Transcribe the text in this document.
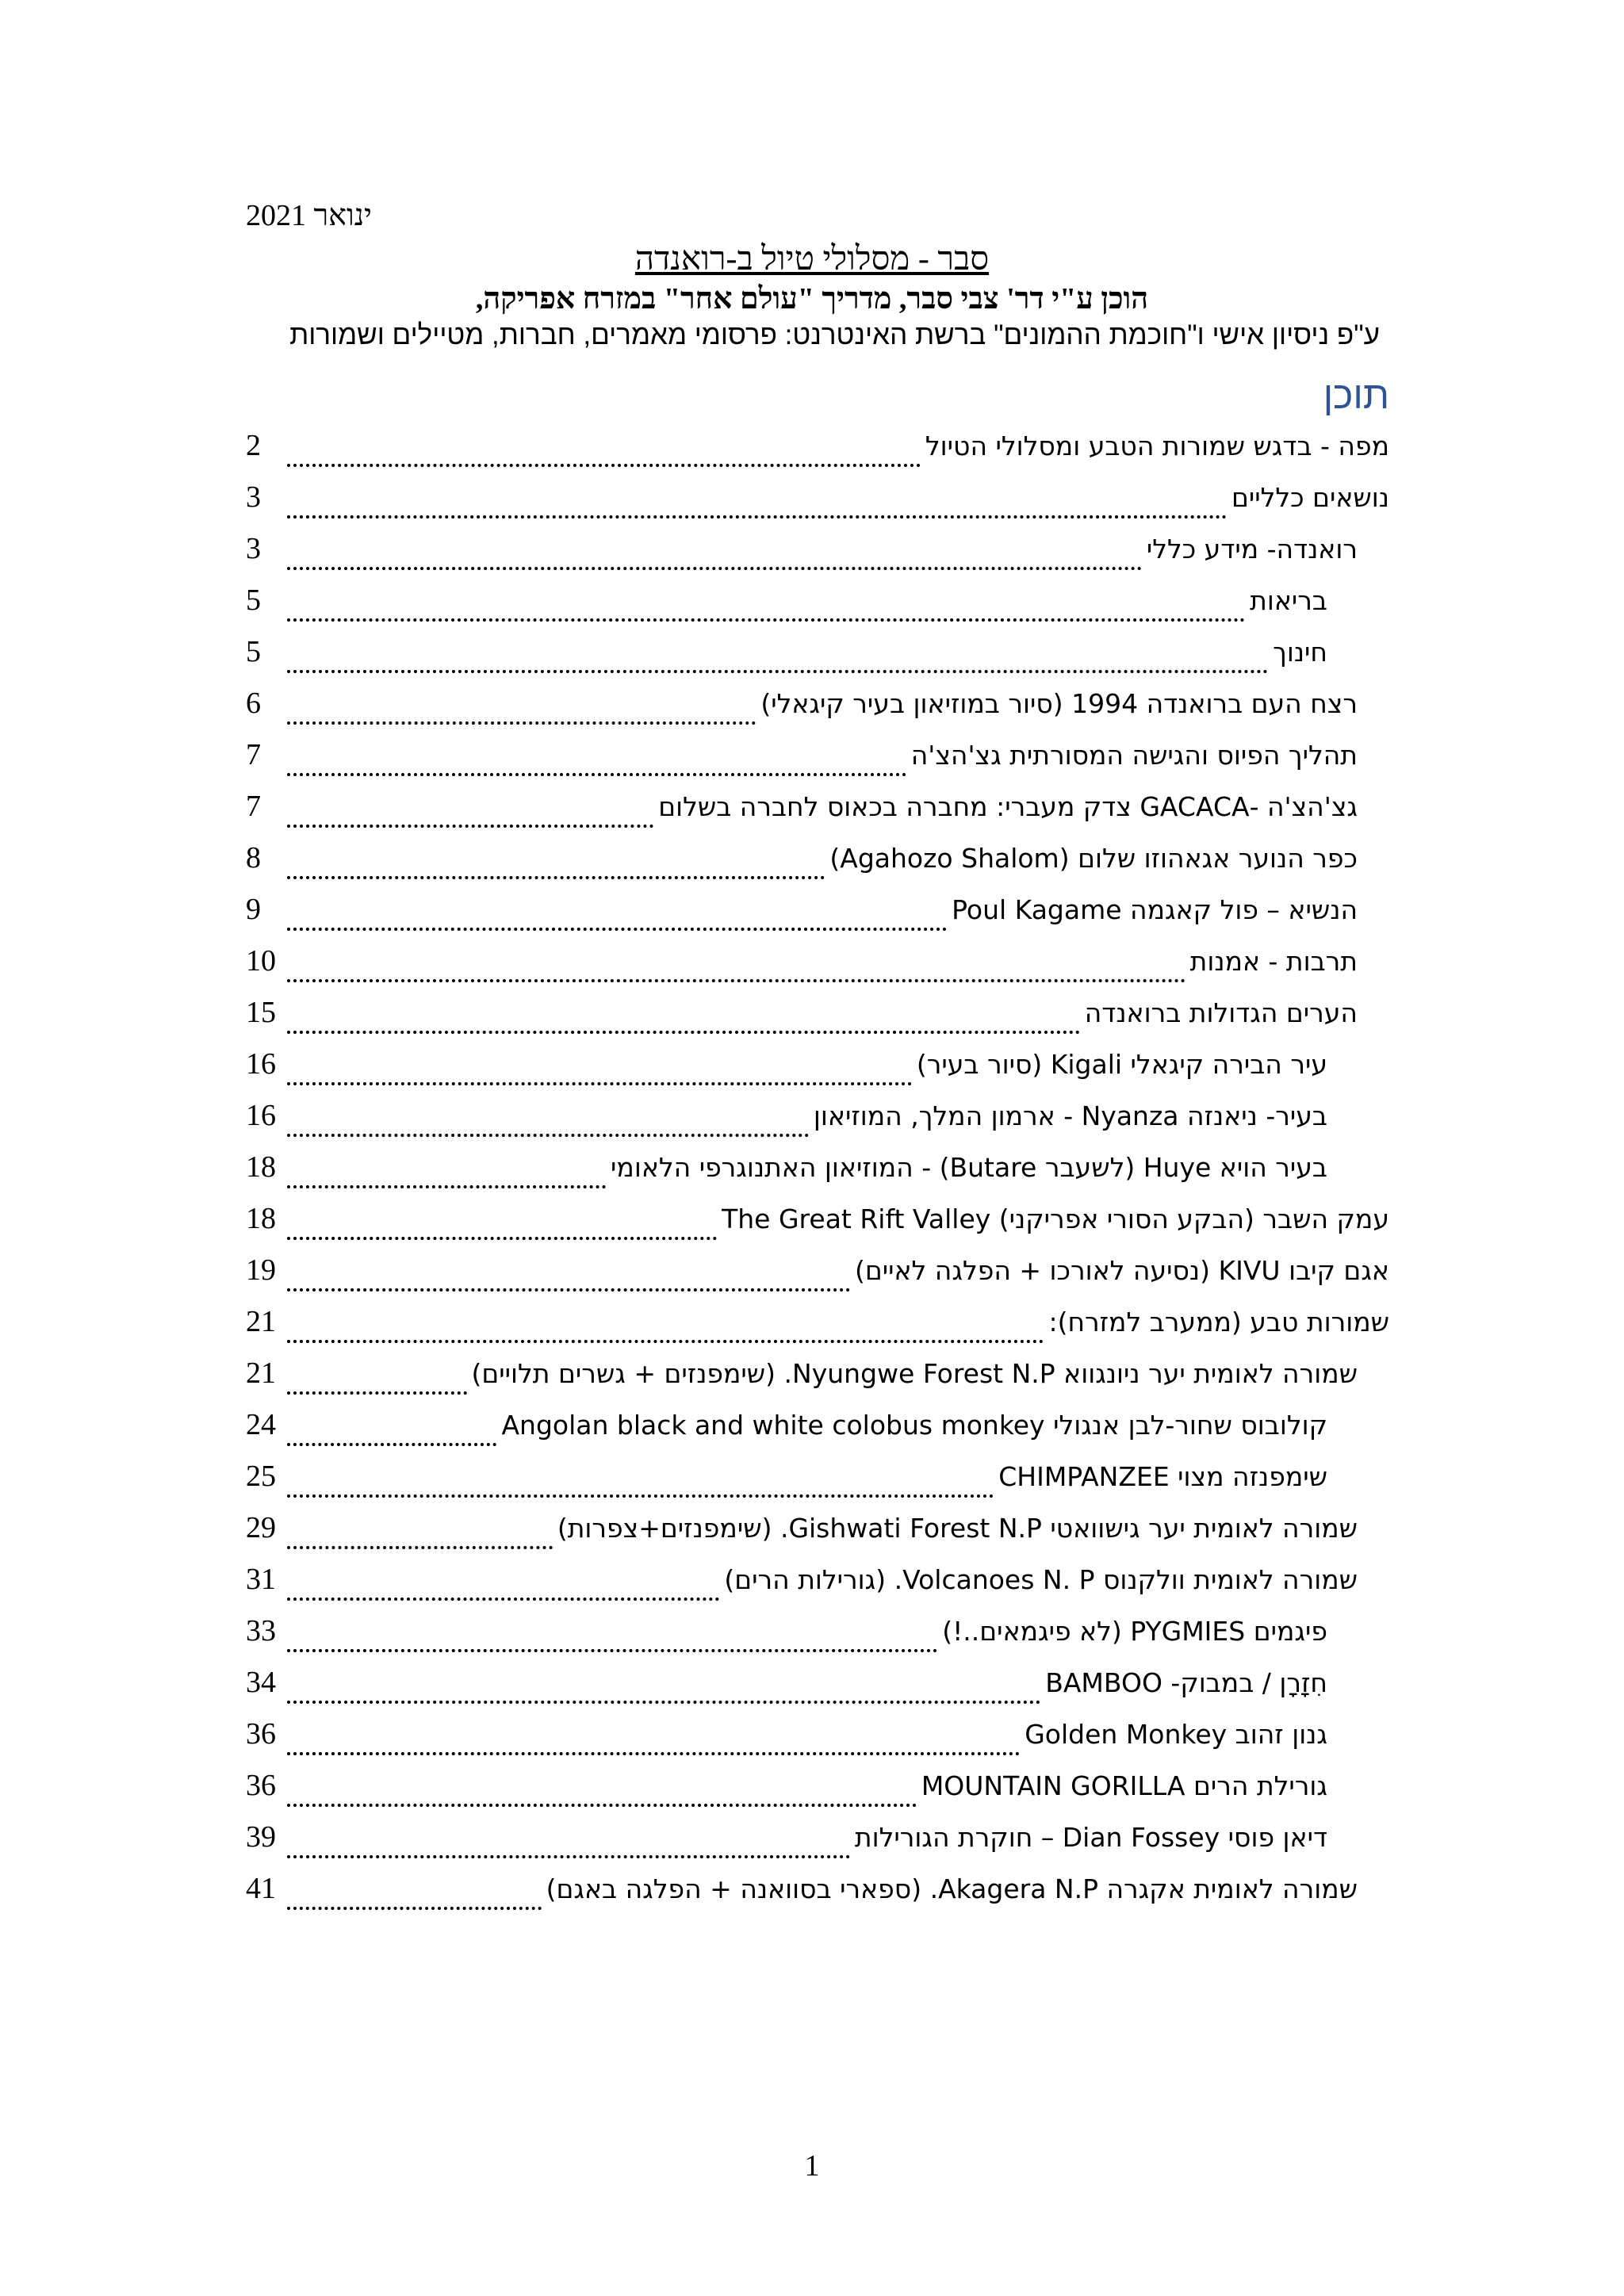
ינואר 2021
סבר - מסלולי טיול ב-רואנדה
הוכן ע"י דר' צבי סבר, מדריך "עולם אחר" במזרח אפריקה,
ע"פ ניסיון אישי ו"חוכמת ההמונים" ברשת האינטרנט: פרסומי מאמרים, חברות, מטיילים ושמורות
תוכן
מפה - בדגש שמורות הטבע ומסלולי הטיול
2
נושאים כלליים
3
רואנדה- מידע כללי
3
בריאות
5
חינוך
5
רצח העם ברואנדה 1994 (סיור במוזיאון בעיר קיגאלי)
6
תהליך הפיוס והגישה המסורתית גצ'הצ'ה
7
גצ'הצ'ה -GACACA צדק מעברי: מחברה בכאוס לחברה בשלום
7
כפר הנוער אגאהוזו שלום (Agahozo Shalom)
8
הנשיא – פול קאגמה Poul Kagame
9
תרבות - אמנות
10
הערים הגדולות ברואנדה
15
עיר הבירה קיגאלי Kigali (סיור בעיר)
16
בעיר- ניאנזה Nyanza - ארמון המלך, המוזיאון
16
בעיר הויא Huye (לשעבר Butare) - המוזיאון האתנוגרפי הלאומי
18
עמק השבר (הבקע הסורי אפריקני) The Great Rift Valley
18
אגם קיבו KIVU (נסיעה לאורכו + הפלגה לאיים)
19
שמורות טבע (ממערב למזרח):
21
שמורה לאומית יער ניונגווא Nyungwe Forest N.P. (שימפנזים + גשרים תלויים)
21
קולובוס שחור-לבן אנגולי Angolan black and white colobus monkey
24
שימפנזה מצוי CHIMPANZEE
25
שמורה לאומית יער גישוואטי Gishwati Forest N.P. (שימפנזים+צפרות)
29
שמורה לאומית וולקנוס Volcanoes N. P. (גורילות הרים)
31
פיגמים PYGMIES (לא פיגמאים..!)
33
חִזָרָן / במבוק- BAMBOO
34
גנון זהוב Golden Monkey
36
גורילת הרים MOUNTAIN GORILLA
36
דיאן פוסי Dian Fossey – חוקרת הגורילות
39
שמורה לאומית אקגרה Akagera N.P. (ספארי בסוואנה + הפלגה באגם)
41
1
